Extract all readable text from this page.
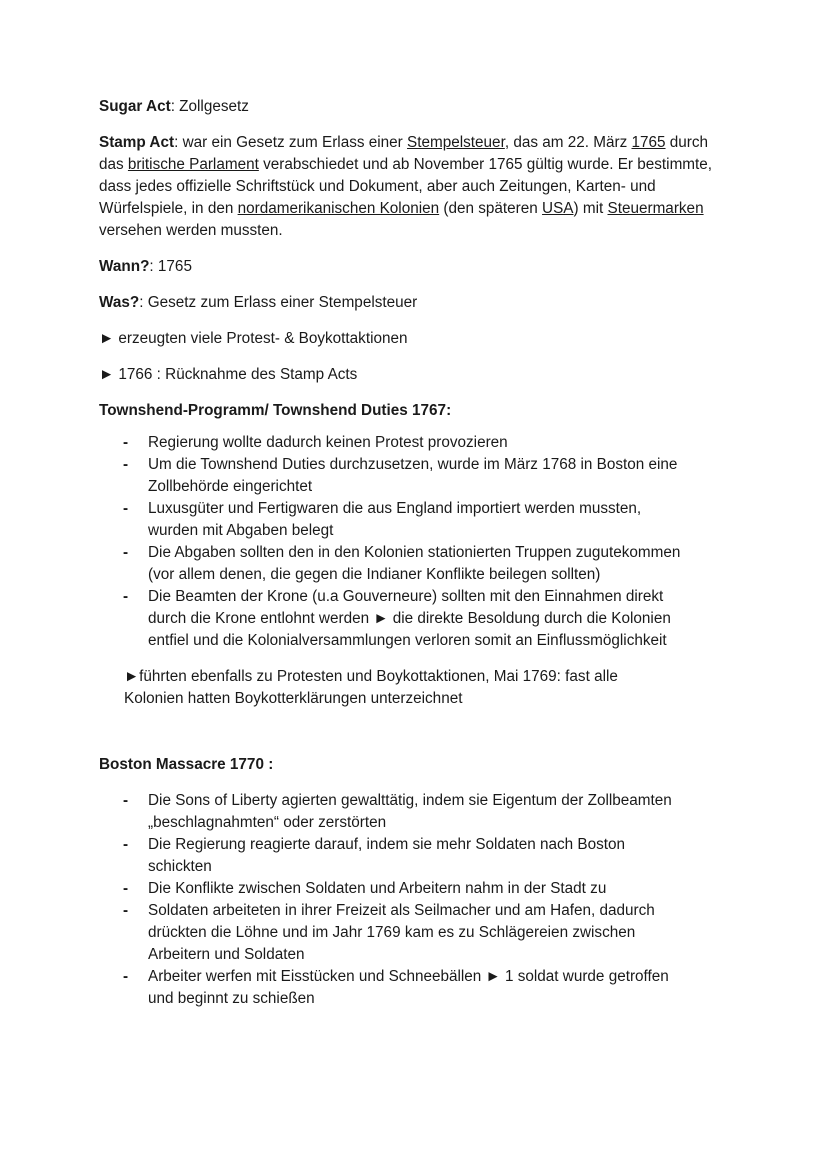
Sugar Act: Zollgesetz

Stamp Act: war ein Gesetz zum Erlass einer Stempelsteuer, das am 22. März 1765 durch das britische Parlament verabschiedet und ab November 1765 gültig wurde. Er bestimmte, dass jedes offizielle Schriftstück und Dokument, aber auch Zeitungen, Karten- und Würfelspiele, in den nordamerikanischen Kolonien (den späteren USA) mit Steuermarken versehen werden mussten.

Wann?: 1765

Was?: Gesetz zum Erlass einer Stempelsteuer

► erzeugten viele Protest- & Boykottaktionen

► 1766 : Rücknahme des Stamp Acts

Townshend-Programm/ Townshend Duties 1767:

- Regierung wollte dadurch keinen Protest provozieren
- Um die Townshend Duties durchzusetzen, wurde im März 1768 in Boston eine Zollbehörde eingerichtet
- Luxusgüter und Fertigwaren die aus England importiert werden mussten, wurden mit Abgaben belegt
- Die Abgaben sollten den in den Kolonien stationierten Truppen zugutekommen (vor allem denen, die gegen die Indianer Konflikte beilegen sollten)
- Die Beamten der Krone (u.a Gouverneure) sollten mit den Einnahmen direkt durch die Krone entlohnt werden ► die direkte Besoldung durch die Kolonien entfiel und die Kolonialversammlungen verloren somit an Einflussmöglichkeit

►führten ebenfalls zu Protesten und Boykottaktionen, Mai 1769: fast alle Kolonien hatten Boykotterklärungen unterzeichnet

Boston Massacre 1770 :

- Die Sons of Liberty agierten gewalttätig, indem sie Eigentum der Zollbeamten „beschlagnahmten“ oder zerstörten
- Die Regierung reagierte darauf, indem sie mehr Soldaten nach Boston schickten
- Die Konflikte zwischen Soldaten und Arbeitern nahm in der Stadt zu
- Soldaten arbeiteten in ihrer Freizeit als Seilmacher und am Hafen, dadurch drückten die Löhne und im Jahr 1769 kam es zu Schlägereien zwischen Arbeitern und Soldaten
- Arbeiter werfen mit Eisstücken und Schneebällen ► 1 soldat wurde getroffen und beginnt zu schießen
